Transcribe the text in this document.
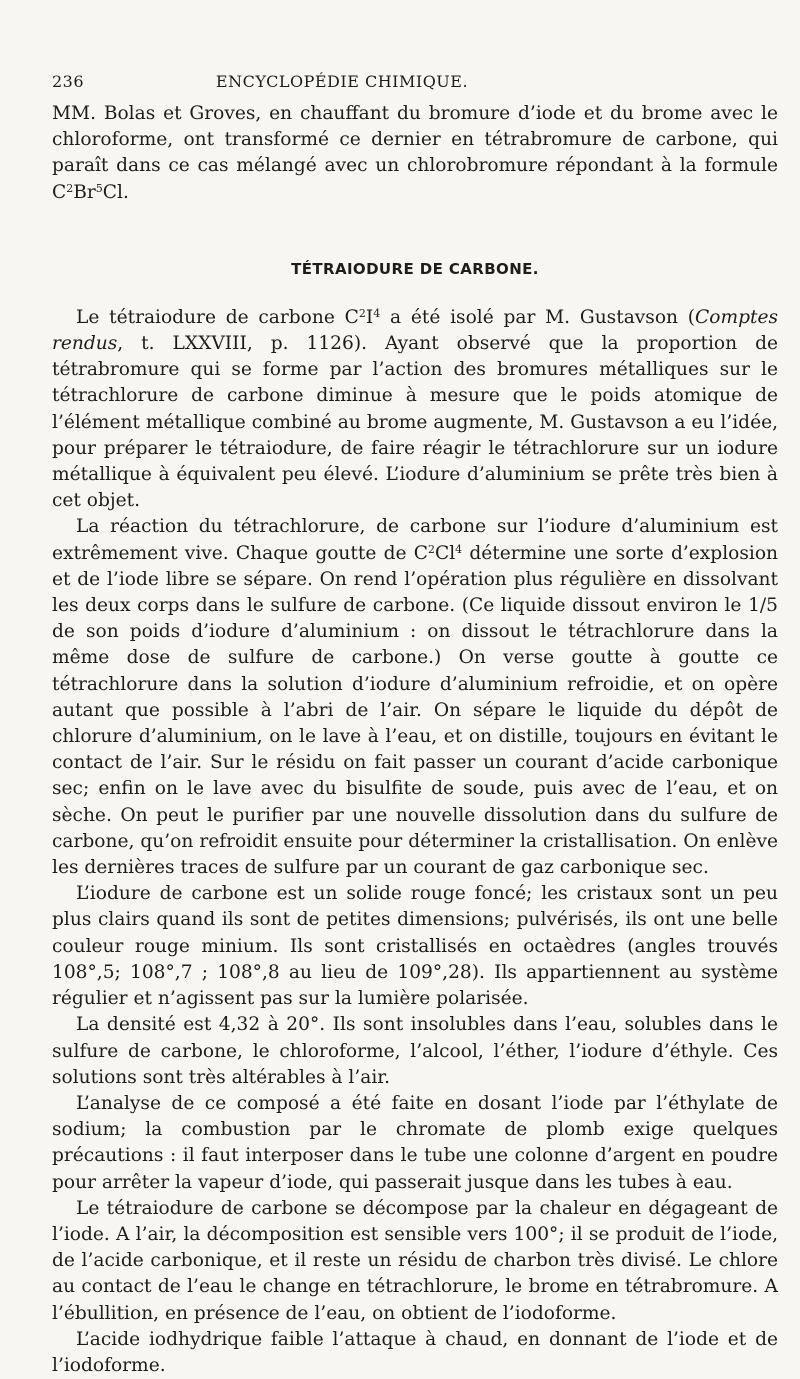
236	ENCYCLOPÉDIE CHIMIQUE.

MM. Bolas et Groves, en chauffant du bromure d’iode et du brome avec le chloroforme, ont transformé ce dernier en tétrabromure de carbone, qui paraît dans ce cas mélangé avec un chlorobromure répondant à la formule $C^2Br^5Cl$.

TÉTRAIODURE DE CARBONE.

Le tétraiodure de carbone $C^2I^4$ a été isolé par M. Gustavson (Comptes rendus, t. LXXVIII, p. 1126). Ayant observé que la proportion de tétrabromure qui se forme par l’action des bromures métalliques sur le tétrachlorure de carbone diminue à mesure que le poids atomique de l’élément métallique combiné au brome augmente, M. Gustavson a eu l’idée, pour préparer le tétraiodure, de faire réagir le tétrachlorure sur un iodure métallique à équivalent peu élevé. L’iodure d’aluminium se prête très bien à cet objet.

La réaction du tétrachlorure, de carbone sur l’iodure d’aluminium est extrêmement vive. Chaque goutte de $C^2Cl^4$ détermine une sorte d’explosion et de l’iode libre se sépare. On rend l’opération plus régulière en dissolvant les deux corps dans le sulfure de carbone. (Ce liquide dissout environ le 1/5 de son poids d’iodure d’aluminium : on dissout le tétrachlorure dans la même dose de sulfure de carbone.) On verse goutte à goutte ce tétrachlorure dans la solution d’iodure d’aluminium refroidie, et on opère autant que possible à l’abri de l’air. On sépare le liquide du dépôt de chlorure d’aluminium, on le lave à l’eau, et on distille, toujours en évitant le contact de l’air. Sur le résidu on fait passer un courant d’acide carbonique sec; enfin on le lave avec du bisulfite de soude, puis avec de l’eau, et on sèche. On peut le purifier par une nouvelle dissolution dans du sulfure de carbone, qu’on refroidit ensuite pour déterminer la cristallisation. On enlève les dernières traces de sulfure par un courant de gaz carbonique sec.

L’iodure de carbone est un solide rouge foncé; les cristaux sont un peu plus clairs quand ils sont de petites dimensions; pulvérisés, ils ont une belle couleur rouge minium. Ils sont cristallisés en octaèdres (angles trouvés 108°,5; 108°,7 ; 108°,8 au lieu de 109°,28). Ils appartiennent au système régulier et n’agissent pas sur la lumière polarisée.

La densité est 4,32 à 20°. Ils sont insolubles dans l’eau, solubles dans le sulfure de carbone, le chloroforme, l’alcool, l’éther, l’iodure d’éthyle. Ces solutions sont très altérables à l’air.

L’analyse de ce composé a été faite en dosant l’iode par l’éthylate de sodium; la combustion par le chromate de plomb exige quelques précautions : il faut interposer dans le tube une colonne d’argent en poudre pour arrêter la vapeur d’iode, qui passerait jusque dans les tubes à eau.

Le tétraiodure de carbone se décompose par la chaleur en dégageant de l’iode. A l’air, la décomposition est sensible vers 100°; il se produit de l’iode, de l’acide carbonique, et il reste un résidu de charbon très divisé. Le chlore au contact de l’eau le change en tétrachlorure, le brome en tétrabromure. A l’ébullition, en présence de l’eau, on obtient de l’iodoforme.

L’acide iodhydrique faible l’attaque à chaud, en donnant de l’iode et de l’iodoforme.
